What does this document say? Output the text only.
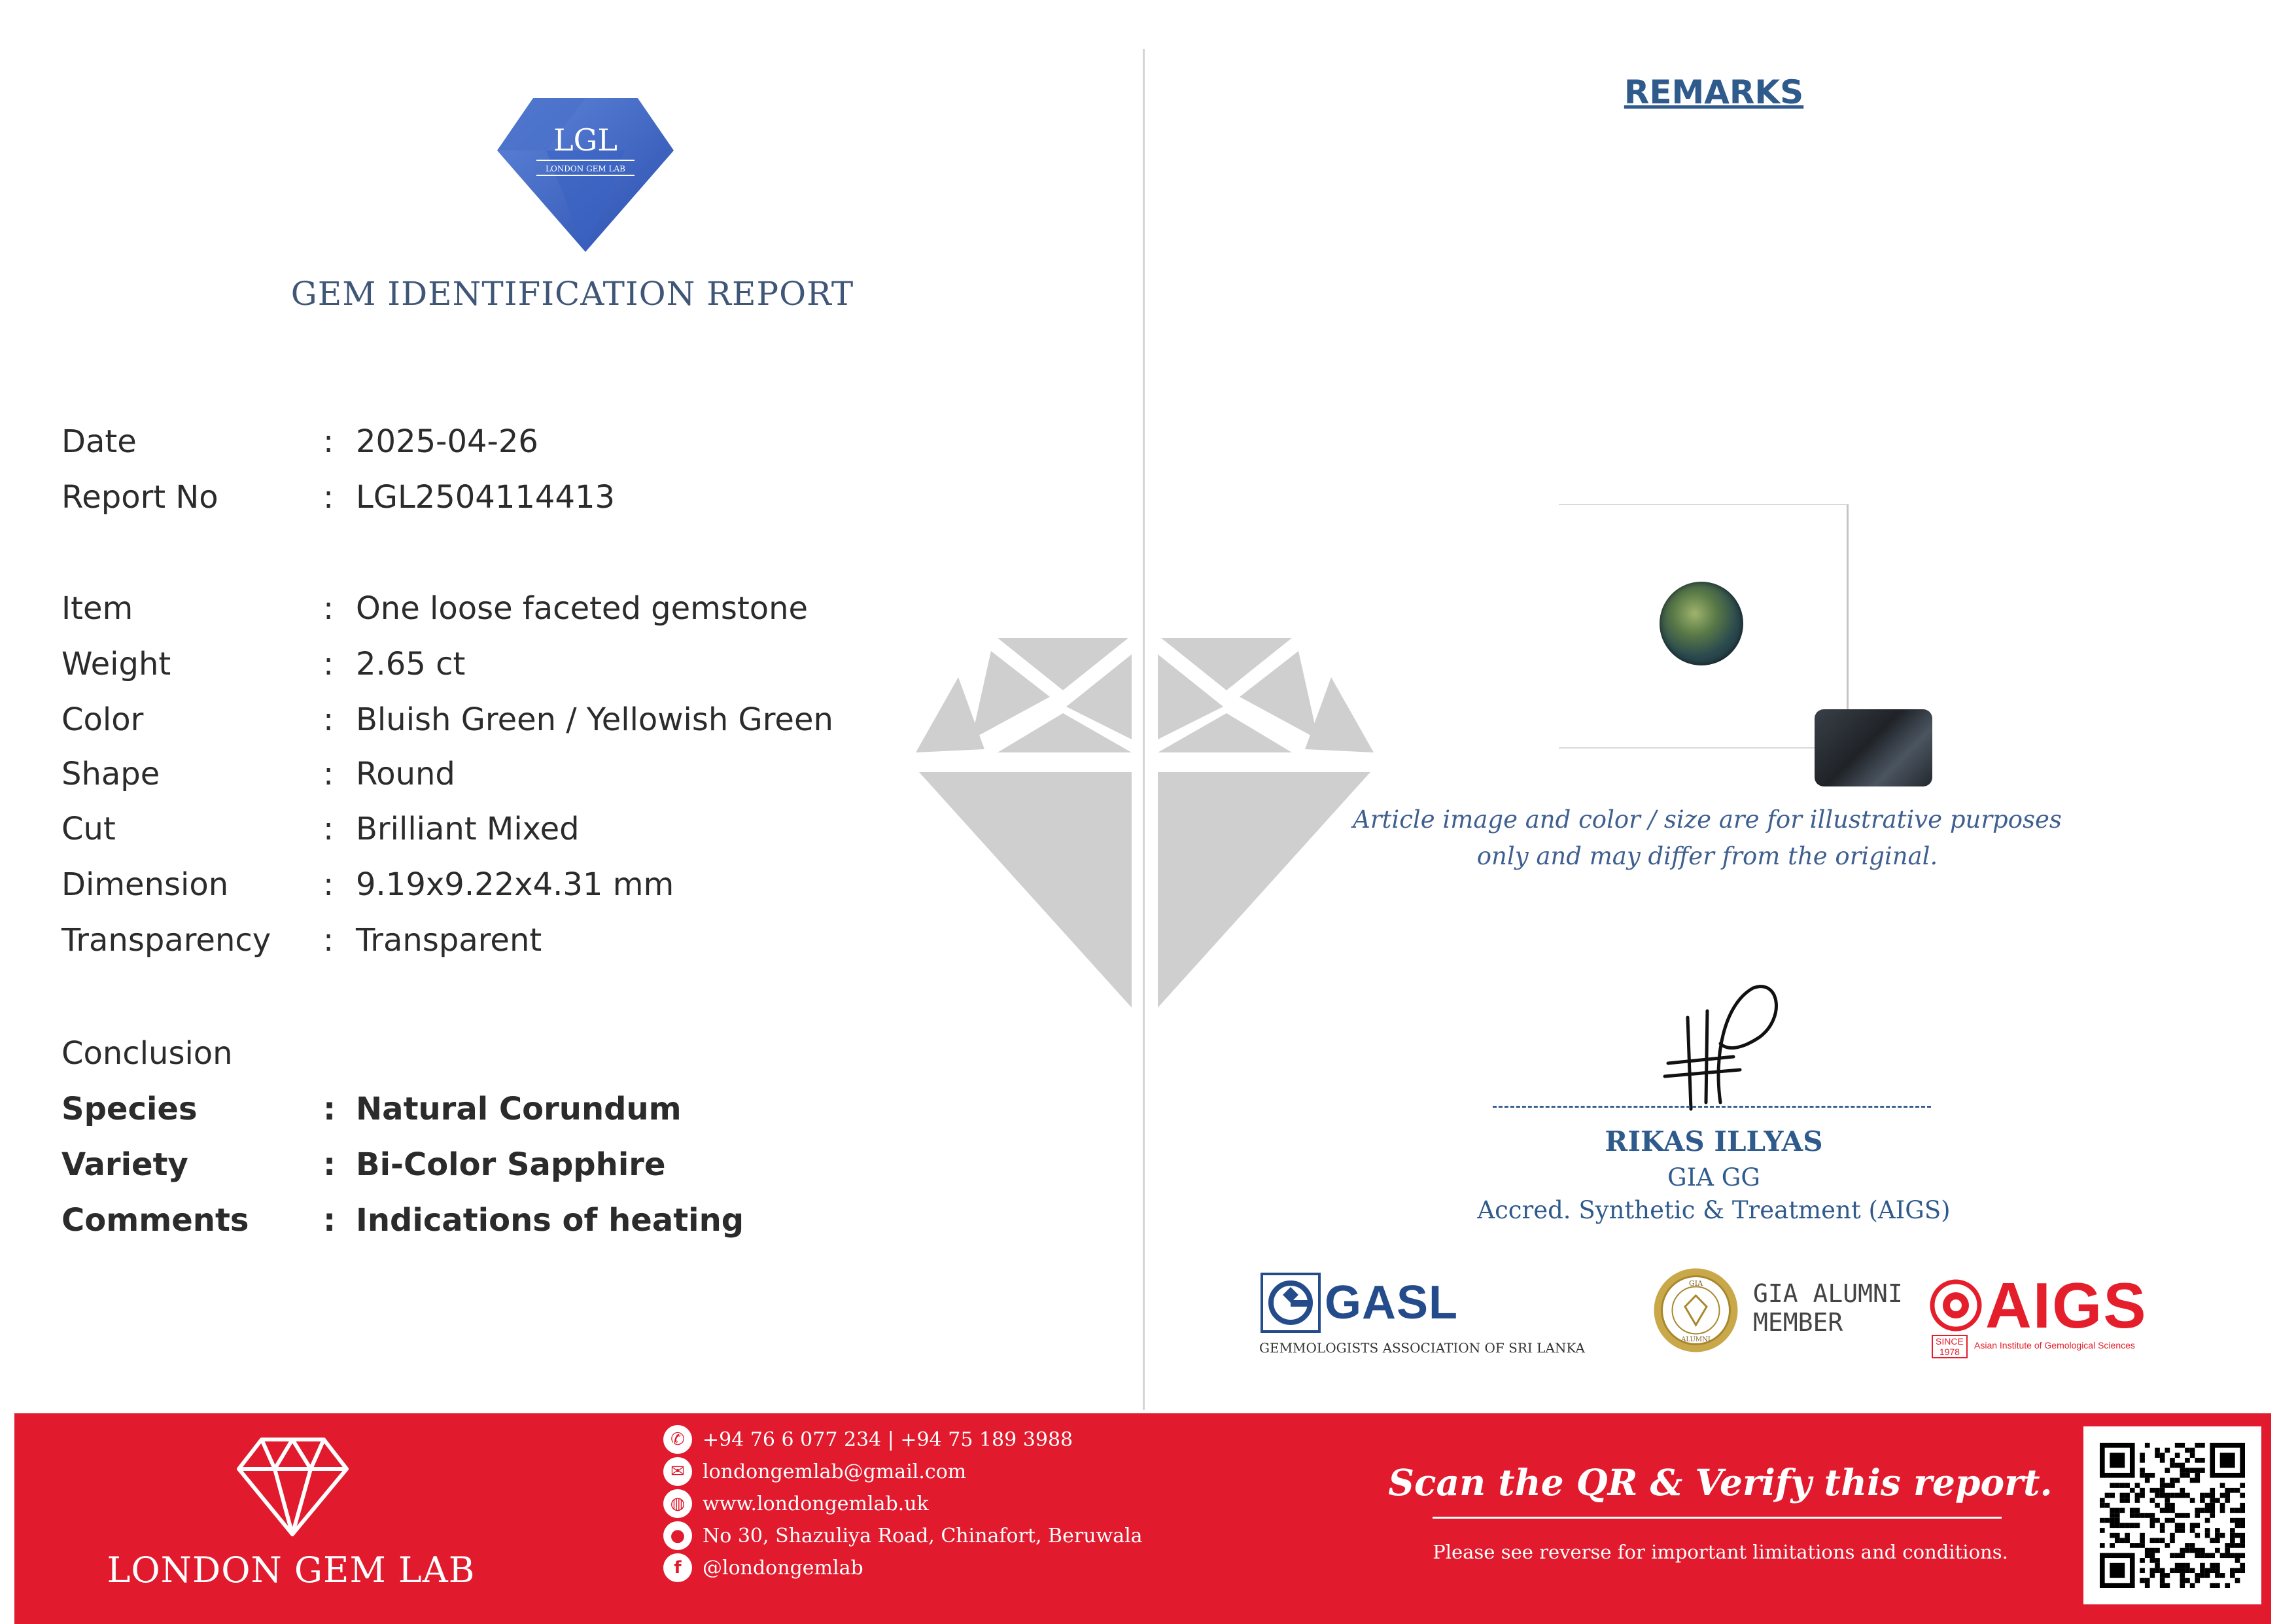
LGL
LONDON GEM LAB
GEM IDENTIFICATION REPORT
Date	: 2025-04-26
Report No	: LGL2504114413
Item	: One loose faceted gemstone
Weight	: 2.65 ct
Color	: Bluish Green / Yellowish Green
Shape	: Round
Cut	: Brilliant Mixed
Dimension	: 9.19x9.22x4.31 mm
Transparency : Transparent
Conclusion
Species	: Natural Corundum
Variety	: Bi-Color Sapphire
Comments : Indications of heating
REMARKS
Article image and color / size are for illustrative purposes
only and may differ from the original.
RIKAS ILLYAS
GIA GG
Accred. Synthetic & Treatment (AIGS)
GASL
GEMMOLOGISTS ASSOCIATION OF SRI LANKA
GIA
ALUMNI
GIA ALUMNI
MEMBER	AIGS
SINCE
1978
Asian Institute of Gemological Sciences
LONDON GEM LAB
✆ +94 76 6 077 234 | +94 75 189 3988
✉ londongemlab@gmail.com
◍ www.londongemlab.uk
● No 30, Shazuliya Road, Chinafort, Beruwala
f	@londongemlab
Scan the QR & Verify this report.
Please see reverse for important limitations and conditions.
